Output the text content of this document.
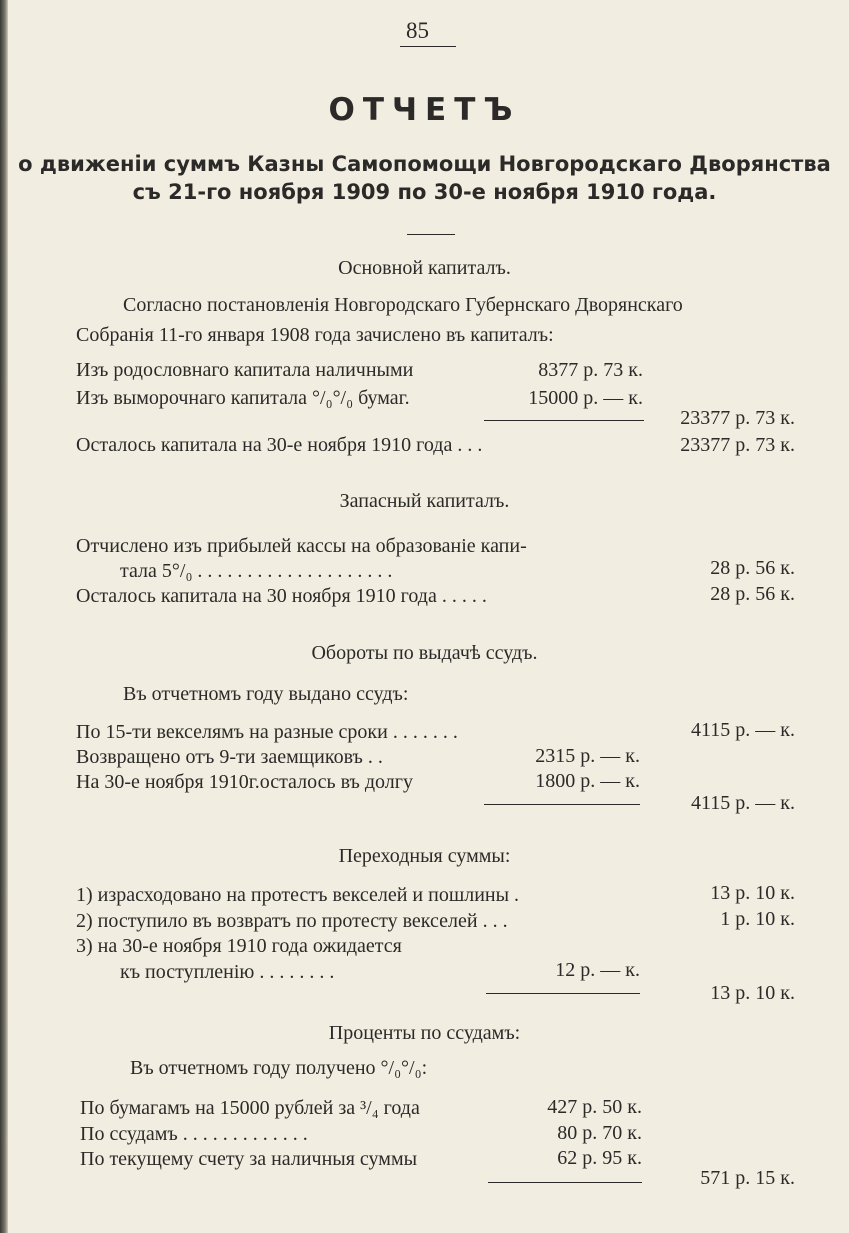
85
ОТЧЕТЪ
о движеніи суммъ Казны Самопомощи Новгородскаго Дворянства
съ 21-го ноября 1909 по 30-е ноября 1910 года.
Основной капиталъ.
Согласно постановленія Новгородскаго Губернскаго Дворянскаго
Собранія 11-го января 1908 года зачислено въ капиталъ:
Изъ родословнаго капитала наличными	8377 р. 73 к.
Изъ выморочнаго капитала °/₀°/₀ бумаг.	15000 р. — к.
23377 р. 73 к.
Осталось капитала на 30-е ноября 1910 года . . .	23377 р. 73 к.
Запасный капиталъ.
Отчислено изъ прибылей кассы на образованіе капи-
тала 5°/₀ . . . . . . . . . . . . . . . . . . . .	28 р. 56 к.
Осталось капитала на 30 ноября 1910 года . . . . .	28 р. 56 к.
Обороты по выдачѣ ссудъ.
Въ отчетномъ году выдано ссудъ:
По 15-ти векселямъ на разные сроки . . . . . . .	4115 р. — к.
Возвращено отъ 9-ти заемщиковъ . .	2315 р. — к.
На 30-е ноября 1910г.осталось въ долгу	1800 р. — к.
4115 р. — к.
Переходныя суммы:
1) израсходовано на протестъ векселей и пошлины .	13 р. 10 к.
2) поступило въ возвратъ по протесту векселей . . .	1 р. 10 к.
3) на 30-е ноября 1910 года ожидается
къ поступленію . . . . . . . .	12 р. — к.
13 р. 10 к.
Проценты по ссудамъ:
Въ отчетномъ году получено °/₀°/₀:
По бумагамъ на 15000 рублей за ³/₄ года	427 р. 50 к.
По ссудамъ . . . . . . . . . . . . .	80 р. 70 к.
По текущему счету за наличныя суммы	62 р. 95 к.
571 р. 15 к.
